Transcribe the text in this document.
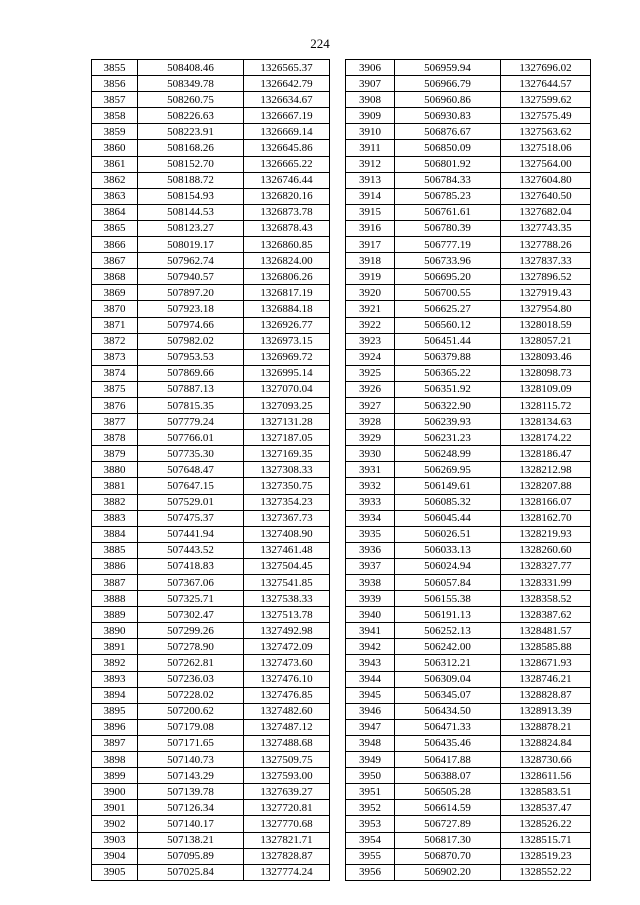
224
3855	508408.46	1326565.37
3856	508349.78	1326642.79
3857	508260.75	1326634.67
3858	508226.63	1326667.19
3859	508223.91	1326669.14
3860	508168.26	1326645.86
3861	508152.70	1326665.22
3862	508188.72	1326746.44
3863	508154.93	1326820.16
3864	508144.53	1326873.78
3865	508123.27	1326878.43
3866	508019.17	1326860.85
3867	507962.74	1326824.00
3868	507940.57	1326806.26
3869	507897.20	1326817.19
3870	507923.18	1326884.18
3871	507974.66	1326926.77
3872	507982.02	1326973.15
3873	507953.53	1326969.72
3874	507869.66	1326995.14
3875	507887.13	1327070.04
3876	507815.35	1327093.25
3877	507779.24	1327131.28
3878	507766.01	1327187.05
3879	507735.30	1327169.35
3880	507648.47	1327308.33
3881	507647.15	1327350.75
3882	507529.01	1327354.23
3883	507475.37	1327367.73
3884	507441.94	1327408.90
3885	507443.52	1327461.48
3886	507418.83	1327504.45
3887	507367.06	1327541.85
3888	507325.71	1327538.33
3889	507302.47	1327513.78
3890	507299.26	1327492.98
3891	507278.90	1327472.09
3892	507262.81	1327473.60
3893	507236.03	1327476.10
3894	507228.02	1327476.85
3895	507200.62	1327482.60
3896	507179.08	1327487.12
3897	507171.65	1327488.68
3898	507140.73	1327509.75
3899	507143.29	1327593.00
3900	507139.78	1327639.27
3901	507126.34	1327720.81
3902	507140.17	1327770.68
3903	507138.21	1327821.71
3904	507095.89	1327828.87
3905	507025.84	1327774.24
3906	506959.94	1327696.02
3907	506966.79	1327644.57
3908	506960.86	1327599.62
3909	506930.83	1327575.49
3910	506876.67	1327563.62
3911	506850.09	1327518.06
3912	506801.92	1327564.00
3913	506784.33	1327604.80
3914	506785.23	1327640.50
3915	506761.61	1327682.04
3916	506780.39	1327743.35
3917	506777.19	1327788.26
3918	506733.96	1327837.33
3919	506695.20	1327896.52
3920	506700.55	1327919.43
3921	506625.27	1327954.80
3922	506560.12	1328018.59
3923	506451.44	1328057.21
3924	506379.88	1328093.46
3925	506365.22	1328098.73
3926	506351.92	1328109.09
3927	506322.90	1328115.72
3928	506239.93	1328134.63
3929	506231.23	1328174.22
3930	506248.99	1328186.47
3931	506269.95	1328212.98
3932	506149.61	1328207.88
3933	506085.32	1328166.07
3934	506045.44	1328162.70
3935	506026.51	1328219.93
3936	506033.13	1328260.60
3937	506024.94	1328327.77
3938	506057.84	1328331.99
3939	506155.38	1328358.52
3940	506191.13	1328387.62
3941	506252.13	1328481.57
3942	506242.00	1328585.88
3943	506312.21	1328671.93
3944	506309.04	1328746.21
3945	506345.07	1328828.87
3946	506434.50	1328913.39
3947	506471.33	1328878.21
3948	506435.46	1328824.84
3949	506417.88	1328730.66
3950	506388.07	1328611.56
3951	506505.28	1328583.51
3952	506614.59	1328537.47
3953	506727.89	1328526.22
3954	506817.30	1328515.71
3955	506870.70	1328519.23
3956	506902.20	1328552.22
